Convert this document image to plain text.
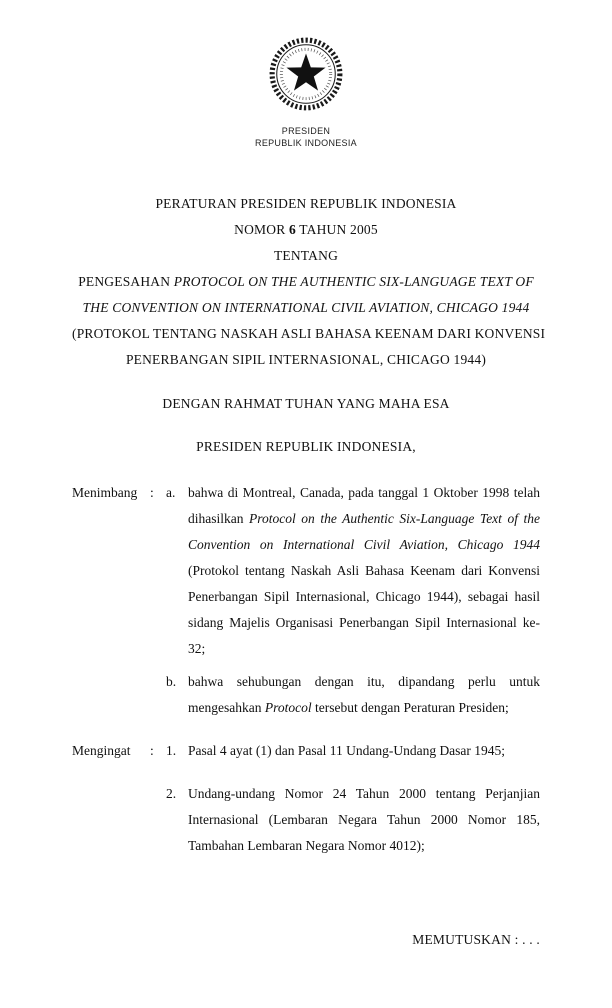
PRESIDEN
REPUBLIK INDONESIA
PERATURAN PRESIDEN REPUBLIK INDONESIA
NOMOR 6 TAHUN 2005
TENTANG
PENGESAHAN PROTOCOL ON THE AUTHENTIC SIX-LANGUAGE TEXT OF
THE CONVENTION ON INTERNATIONAL CIVIL AVIATION, CHICAGO 1944
(PROTOKOL TENTANG NASKAH ASLI BAHASA KEENAM DARI KONVENSI
PENERBANGAN SIPIL INTERNASIONAL, CHICAGO 1944)
DENGAN RAHMAT TUHAN YANG MAHA ESA
PRESIDEN REPUBLIK INDONESIA,
Menimbang : a. bahwa di Montreal, Canada, pada tanggal 1 Oktober 1998 telah dihasilkan Protocol on the Authentic Six-Language Text of the Convention on International Civil Aviation, Chicago 1944 (Protokol tentang Naskah Asli Bahasa Keenam dari Konvensi Penerbangan Sipil Internasional, Chicago 1944), sebagai hasil sidang Majelis Organisasi Penerbangan Sipil Internasional ke-32;
b. bahwa sehubungan dengan itu, dipandang perlu untuk mengesahkan Protocol tersebut dengan Peraturan Presiden;
Mengingat	: 1. Pasal 4 ayat (1) dan Pasal 11 Undang-Undang Dasar 1945;
2. Undang-undang Nomor 24 Tahun 2000 tentang Perjanjian Internasional (Lembaran Negara Tahun 2000 Nomor 185, Tambahan Lembaran Negara Nomor 4012);
MEMUTUSKAN : . . .
